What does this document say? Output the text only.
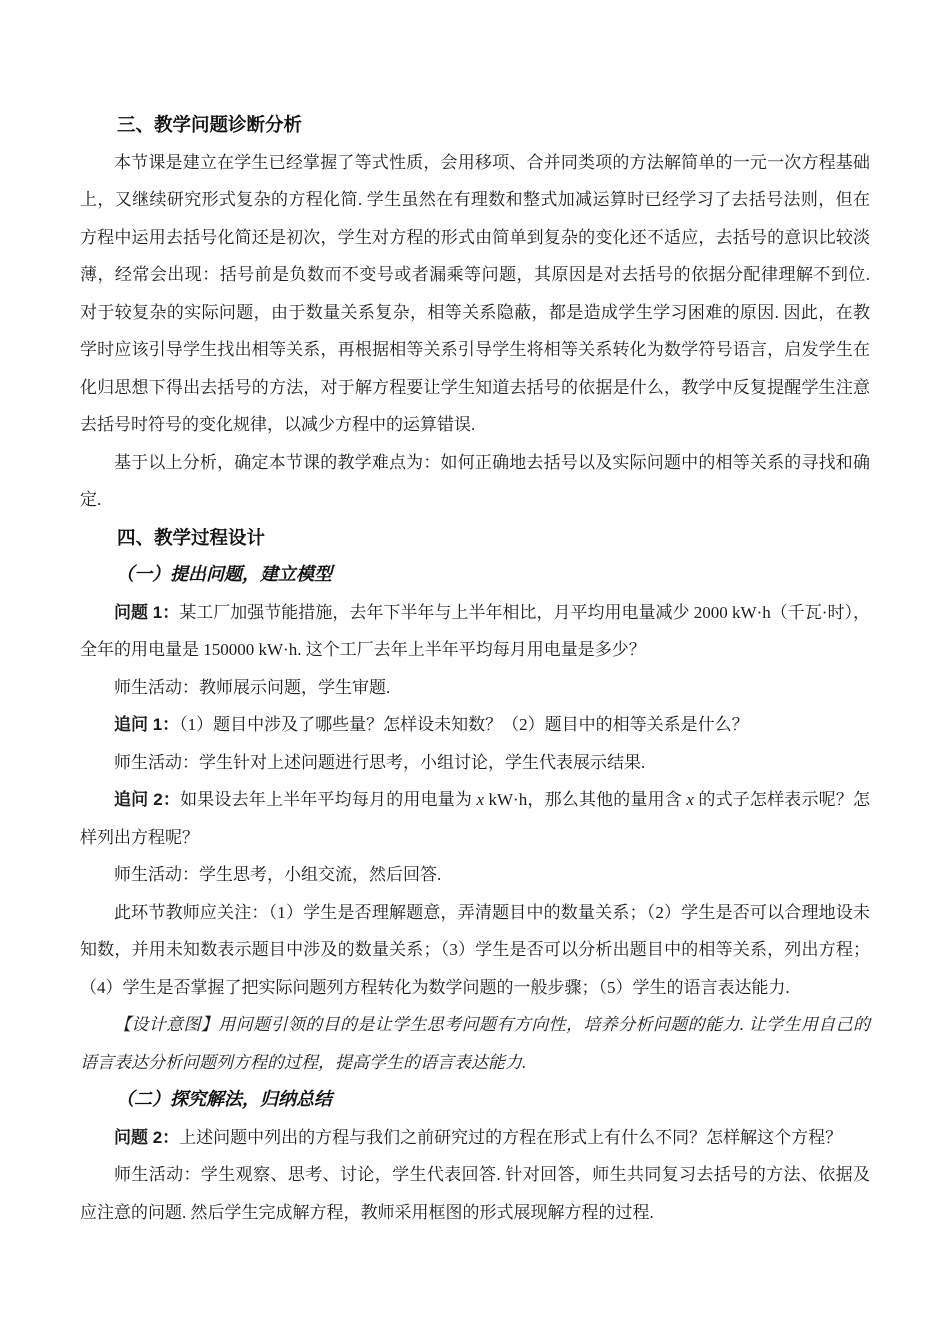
三、教学问题诊断分析

本节课是建立在学生已经掌握了等式性质，会用移项、合并同类项的方法解简单的一元一次方程基础上，又继续研究形式复杂的方程化简. 学生虽然在有理数和整式加减运算时已经学习了去括号法则，但在方程中运用去括号化简还是初次，学生对方程的形式由简单到复杂的变化还不适应，去括号的意识比较淡薄，经常会出现：括号前是负数而不变号或者漏乘等问题，其原因是对去括号的依据分配律理解不到位. 对于较复杂的实际问题，由于数量关系复杂，相等关系隐蔽，都是造成学生学习困难的原因. 因此，在教学时应该引导学生找出相等关系，再根据相等关系引导学生将相等关系转化为数学符号语言，启发学生在化归思想下得出去括号的方法，对于解方程要让学生知道去括号的依据是什么，教学中反复提醒学生注意去括号时符号的变化规律，以减少方程中的运算错误.

基于以上分析，确定本节课的教学难点为：如何正确地去括号以及实际问题中的相等关系的寻找和确定.

四、教学过程设计

（一）提出问题，建立模型

问题 1：某工厂加强节能措施，去年下半年与上半年相比，月平均用电量减少 2000 kW·h（千瓦·时），全年的用电量是 150000 kW·h. 这个工厂去年上半年平均每月用电量是多少？

师生活动：教师展示问题，学生审题.

追问 1：（1）题目中涉及了哪些量？怎样设未知数？（2）题目中的相等关系是什么？

师生活动：学生针对上述问题进行思考，小组讨论，学生代表展示结果.

追问 2：如果设去年上半年平均每月的用电量为 x kW·h，那么其他的量用含 x 的式子怎样表示呢？怎样列出方程呢？

师生活动：学生思考，小组交流，然后回答.

此环节教师应关注：（1）学生是否理解题意，弄清题目中的数量关系；（2）学生是否可以合理地设未知数，并用未知数表示题目中涉及的数量关系；（3）学生是否可以分析出题目中的相等关系，列出方程；（4）学生是否掌握了把实际问题列方程转化为数学问题的一般步骤；（5）学生的语言表达能力.

【设计意图】用问题引领的目的是让学生思考问题有方向性，培养分析问题的能力. 让学生用自己的语言表达分析问题列方程的过程，提高学生的语言表达能力.

（二）探究解法，归纳总结

问题 2：上述问题中列出的方程与我们之前研究过的方程在形式上有什么不同？怎样解这个方程？

师生活动：学生观察、思考、讨论，学生代表回答. 针对回答，师生共同复习去括号的方法、依据及应注意的问题. 然后学生完成解方程，教师采用框图的形式展现解方程的过程.
